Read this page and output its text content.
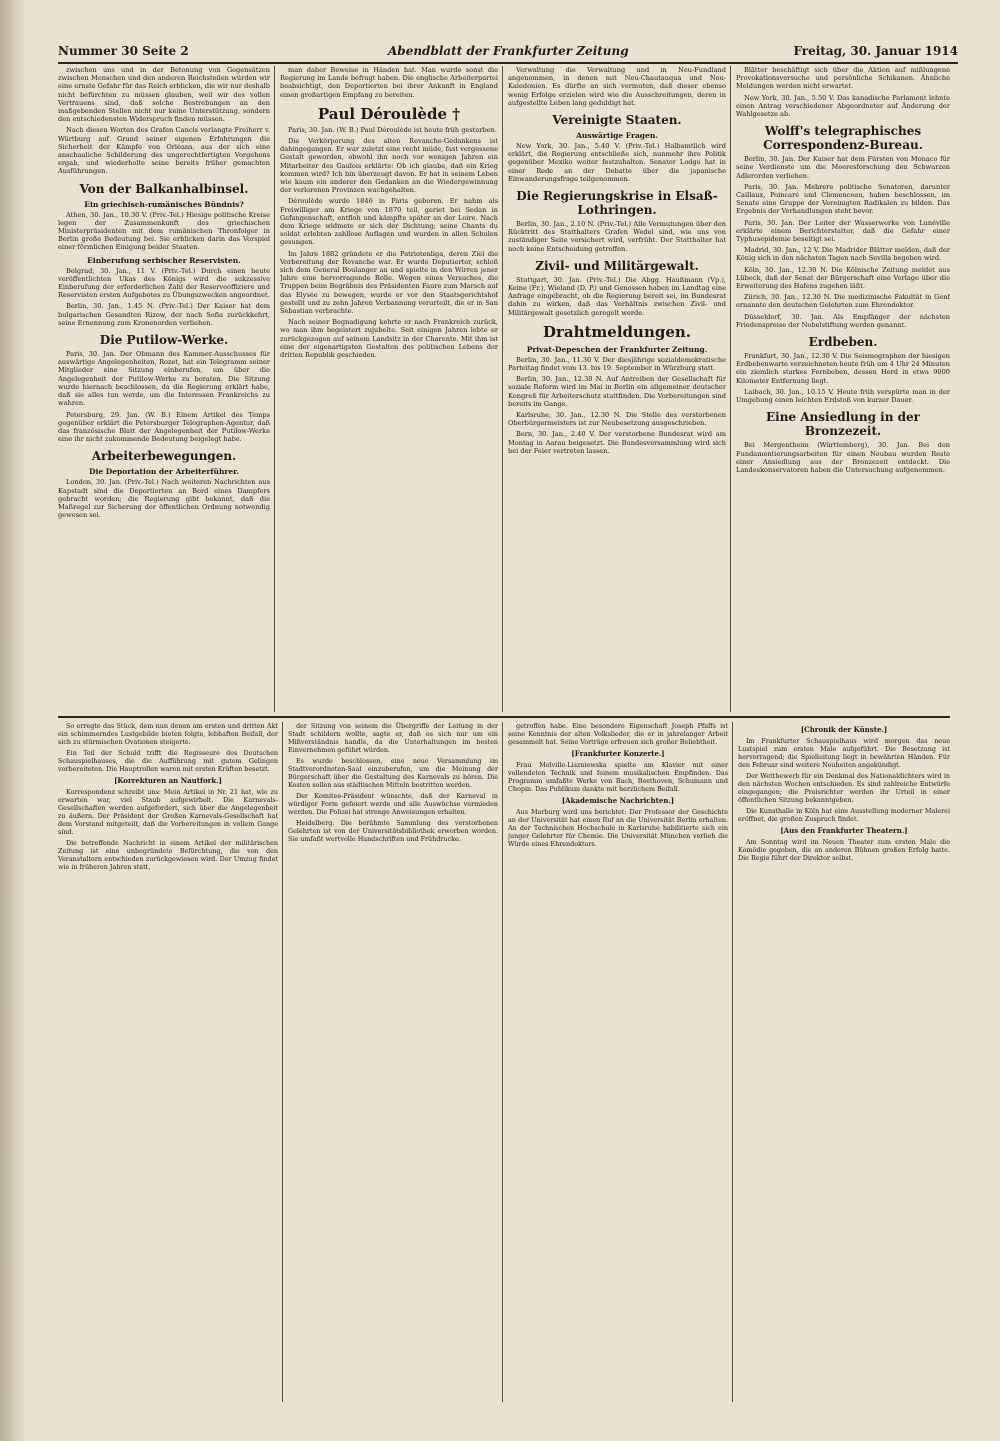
Nummer 30 Seite 2	Abendblatt der Frankfurter Zeitung	Freitag, 30. Januar 1914

zwischen uns und in der Betonung von Gegensätzen zwischen Menschen und den anderen Reichsteilen würden wir eine ernste Gefahr für das Reich erblicken, die wir nur deshalb nicht befürchten zu müssen glauben, weil wir des vollen Vertrauens sind, daß solche Bestrebungen an den maßgebenden Stellen nicht nur keine Unterstützung, sondern den entschiedensten Widerspruch finden müssen.

Nach diesen Worten des Grafen Cancis verlangte Freiherr v. Würtburg auf Grund seiner eigenen Erfahrungen die Sicherheit der Kämpfe von Orléans, aus der sich eine anschauliche Schilderung des ungerechtfertigten Vorgehens ergab, und wiederholte seine bereits früher gemachten Ausführungen.

Von der Balkanhalbinsel.
Ein griechisch-rumänisches Bündnis?

Athen, 30. Jan., 10.30 V. (Priv.-Tel.) Hiesige politische Kreise legen der Zusammenkunft des griechischen Ministerpräsidenten mit dem rumänischen Thronfolger in Berlin große Bedeutung bei. Sie erblicken darin das Vorspiel einer förmlichen Einigung beider Staaten.

Einberufung serbischer Reservisten.

Belgrad, 30. Jan., 11 V. (Priv.-Tel.) Durch einen heute veröffentlichten Ukas des Königs wird die sukzessive Einberufung der erforderlichen Zahl der Reserveoffiziere und Reservisten ersten Aufgebotes zu Übungszwecken angeordnet.

Berlin, 30. Jan., 1.45 N. (Priv.-Tel.) Der Kaiser hat dem bulgarischen Gesandten Rizow, der nach Sofia zurückkehrt, seine Ernennung zum Kronenorden verliehen.

Die Putilow-Werke.

Paris, 30. Jan. Der Obmann des Kammer-Ausschusses für auswärtige Angelegenheiten, Rozet, hat ein Telegramm seiner Mitglieder eine Sitzung einberufen, um über die Angelegenheit der Putilow-Werke zu beraten. Die Sitzung wurde hiernach beschlossen, da die Regierung erklärt habe, daß sie alles tun werde, um die Interessen Frankreichs zu wahren.

Petersburg, 29. Jan. (W. B.) Einem Artikel des Temps gegenüber erklärt die Petersburger Telegraphen-Agentur, daß das französische Blatt der Angelegenheit der Putilow-Werke eine ihr nicht zukommende Bedeutung beigelegt habe.

Arbeiterbewegungen.
Die Deportation der Arbeiterführer.

London, 30. Jan. (Priv.-Tel.) Nach weiteren Nachrichten aus Kapstadt sind die Deportierten an Bord eines Dampfers gebracht worden; die Regierung gibt bekannt, daß die Maßregel zur Sicherung der öffentlichen Ordnung notwendig gewesen sei.

man daher Beweise in Händen hat. Man wurde sonst die Regierung im Lande befragt haben. Die englische Arbeiterpartei beabsichtigt, den Deportierten bei ihrer Ankunft in England einen großartigen Empfang zu bereiten.

Paul Déroulède †

Paris, 30. Jan. (W. B.) Paul Déroulède ist heute früh gestorben.

Die Verkörperung des alten Revanche-Gedankens ist dahingegangen. Er war zuletzt eine recht müde, fast vergessene Gestalt geworden, obwohl ihn noch vor wenigen Jahren ein Mitarbeiter des Gaulois erklärte: Ob ich glaube, daß ein Krieg kommen wird? Ich bin überzeugt davon. Er hat in seinem Leben wie kaum ein anderer den Gedanken an die Wiedergewinnung der verlorenen Provinzen wachgehalten.

Déroulède wurde 1846 in Paris geboren. Er nahm als Freiwilliger am Kriege von 1870 teil, geriet bei Sedan in Gefangenschaft, entfloh und kämpfte später an der Loire. Nach dem Kriege widmete er sich der Dichtung; seine Chants du soldat erlebten zahllose Auflagen und wurden in allen Schulen gesungen.

Im Jahre 1882 gründete er die Patriotenliga, deren Ziel die Vorbereitung der Revanche war. Er wurde Deputierter, schloß sich dem General Boulanger an und spielte in den Wirren jener Jahre eine hervorragende Rolle. Wegen eines Versuches, die Truppen beim Begräbnis des Präsidenten Faure zum Marsch auf das Elysée zu bewegen, wurde er vor den Staatsgerichtshof gestellt und zu zehn Jahren Verbannung verurteilt, die er in San Sebastian verbrachte.

Nach seiner Begnadigung kehrte er nach Frankreich zurück, wo man ihm begeistert zujubelte. Seit einigen Jahren lebte er zurückgezogen auf seinem Landsitz in der Charente. Mit ihm ist eine der eigenartigsten Gestalten des politischen Lebens der dritten Republik geschieden.

Verwaltung die Verwaltung und in Neu-Fundland angenommen, in denen mit Neu-Chautauqua und Neu-Kaledonien. Es dürfte an sich vermuten, daß dieser ebenso wenig Erfolge erzielen wird wie die Ausschreitungen, deren in aufgestellte Leben lang geduldigt hat.

Vereinigte Staaten.
Auswärtige Fragen.

New York, 30. Jan., 5.40 V. (Priv.-Tel.) Halbamtlich wird erklärt, die Regierung entschließe sich, nunmehr ihre Politik gegenüber Mexiko weiter festzuhalten. Senator Lodge hat in einer Rede an der Debatte über die japanische Einwanderungsfrage teilgenommen.

Die Regierungskrise in Elsaß-Lothringen.

Berlin, 30. Jan., 2.10 N. (Priv.-Tel.) Alle Vermutungen über den Rücktritt des Statthalters Grafen Wedel sind, wie uns von zuständiger Seite versichert wird, verfrüht. Der Statthalter hat noch keine Entscheidung getroffen.

Zivil- und Militärgewalt.

Stuttgart, 30. Jan. (Priv.-Tel.) Die Abgg. Haußmann (Vp.), Keine (Fr.), Wieland (D. P.) und Genossen haben im Landtag eine Anfrage eingebracht, ob die Regierung bereit sei, im Bundesrat dahin zu wirken, daß das Verhältnis zwischen Zivil- und Militärgewalt gesetzlich geregelt werde.

Drahtmeldungen.
Privat-Depeschen der Frankfurter Zeitung.

Berlin, 30. Jan., 11.30 V. Der diesjährige sozialdemokratische Parteitag findet vom 13. bis 19. September in Würzburg statt.

Berlin, 30. Jan., 12.30 N. Auf Antreiben der Gesellschaft für soziale Reform wird im Mai in Berlin ein allgemeiner deutscher Kongreß für Arbeiterschutz stattfinden. Die Vorbereitungen sind bereits im Gange.

Karlsruhe, 30. Jan., 12.30 N. Die Stelle des verstorbenen Oberbürgermeisters ist zur Neubesetzung ausgeschrieben.

Bern, 30. Jan., 2.40 V. Der verstorbene Bundesrat wird am Montag in Aarau beigesetzt. Die Bundesversammlung wird sich bei der Feier vertreten lassen.

Blätter beschäftigt sich über die Aktion auf mißlungene Provokationsversuche und persönliche Schikanen. Ähnliche Meldungen werden nicht erwartet.

New York, 30. Jan., 5.50 V. Das kanadische Parlament lehnte einen Antrag verschiedener Abgeordneter auf Änderung der Wahlgesetze ab.

Wolff's telegraphisches Correspondenz-Bureau.

Berlin, 30. Jan. Der Kaiser hat dem Fürsten von Monaco für seine Verdienste um die Meeresforschung den Schwarzen Adlerorden verliehen.

Paris, 30. Jan. Mehrere politische Senatoren, darunter Caillaux, Poincaré und Clemenceau, haben beschlossen, im Senate eine Gruppe der Vereinigten Radikalen zu bilden. Das Ergebnis der Verhandlungen steht bevor.

Paris, 30. Jan. Der Leiter der Wasserwerke von Lunéville erklärte einem Berichterstatter, daß die Gefahr einer Typhusepidemie beseitigt sei.

Madrid, 30. Jan., 12 V. Die Madrider Blätter melden, daß der König sich in den nächsten Tagen nach Sevilla begeben wird.

Köln, 30. Jan., 12.30 N. Die Kölnische Zeitung meldet aus Lübeck, daß der Senat der Bürgerschaft eine Vorlage über die Erweiterung des Hafens zugehen läßt.

Zürich, 30. Jan., 12.30 N. Die medizinische Fakultät in Genf ernannte den deutschen Gelehrten zum Ehrendoktor.

Düsseldorf, 30. Jan. Als Empfänger der nächsten Friedenspreise der Nobelstiftung werden genannt.

Erdbeben.

Frankfurt, 30. Jan., 12.30 V. Die Seismographen der hiesigen Erdbebenwarte verzeichneten heute früh um 4 Uhr 24 Minuten ein ziemlich starkes Fernbeben, dessen Herd in etwa 9000 Kilometer Entfernung liegt.

Laibach, 30. Jan., 10.15 V. Heute früh verspürte man in der Umgebung einen leichten Erdstoß von kurzer Dauer.

Eine Ansiedlung in der Bronzezeit.

Bei Mergentheim (Württemberg), 30. Jan. Bei den Fundamentierungsarbeiten für einen Neubau wurden Reste einer Ansiedlung aus der Bronzezeit entdeckt. Die Landeskonservatoren haben die Untersuchung aufgenommen.

So erregte das Stück, dem nun denen am ersten und dritten Akt ein schimmerndes Lustgebilde bieten folgte, lebhaften Beifall, der sich zu stürmischen Ovationen steigerte.

Ein Teil der Schuld trifft die Regisseure des Deutschen Schauspielhauses, die die Aufführung mit gutem Gelingen vorbereiteten. Die Hauptrollen waren mit ersten Kräften besetzt.

[Korrekturen an Nautfork.]

Korrespondenz schreibt uns: Mein Artikel in Nr. 21 hat, wie zu erwarten war, viel Staub aufgewirbelt. Die Karnevals-Gesellschaften werden aufgefordert, sich über die Angelegenheit zu äußern. Der Präsident der Großen Karnevals-Gesellschaft hat dem Vorstand mitgeteilt, daß die Vorbereitungen in vollem Gange sind.

Die betreffende Nachricht in einem Artikel der militärischen Zeitung ist eine unbegründete Befürchtung, die von den Veranstaltern entschieden zurückgewiesen wird. Der Umzug findet wie in früheren Jahren statt.

der Sitzung von seinem die Übergriffe der Leitung in der Stadt schildern wollte, sagte er, daß es sich nur um ein Mißverständnis handle, da die Unterhaltungen im besten Einvernehmen geführt würden.

Es wurde beschlossen, eine neue Versammlung im Stadtverordneten-Saal einzuberufen, um die Meinung der Bürgerschaft über die Gestaltung des Karnevals zu hören. Die Kosten sollen aus städtischen Mitteln bestritten werden.

Der Komitee-Präsident wünschte, daß der Karneval in würdiger Form gefeiert werde und alle Auswüchse vermieden werden. Die Polizei hat strenge Anweisungen erhalten.

Heidelberg. Die berühmte Sammlung des verstorbenen Gelehrten ist von der Universitätsbibliothek erworben worden. Sie umfaßt wertvolle Handschriften und Frühdrucke.

getroffen habe. Eine besondere Eigenschaft Joseph Pfaffs ist seine Kenntnis der alten Volkslieder, die er in jahrelanger Arbeit gesammelt hat. Seine Vorträge erfreuen sich großer Beliebtheit.

[Frankfurter Konzerte.]

Frau Melville-Liszniewska spielte am Klavier mit einer vollendeten Technik und feinem musikalischen Empfinden. Das Programm umfaßte Werke von Bach, Beethoven, Schumann und Chopin. Das Publikum dankte mit herzlichem Beifall.

[Akademische Nachrichten.]

Aus Marburg wird uns berichtet: Der Professor der Geschichte an der Universität hat einen Ruf an die Universität Berlin erhalten. An der Technischen Hochschule in Karlsruhe habilitierte sich ein junger Gelehrter für Chemie. Die Universität München verlieh die Würde eines Ehrendoktors.

[Chronik der Künste.]

Im Frankfurter Schauspielhaus wird morgen das neue Lustspiel zum ersten Male aufgeführt. Die Besetzung ist hervorragend; die Spielleitung liegt in bewährten Händen. Für den Februar sind weitere Neuheiten angekündigt.

Der Wettbewerb für ein Denkmal des Nationaldichters wird in den nächsten Wochen entschieden. Es sind zahlreiche Entwürfe eingegangen; die Preisrichter werden ihr Urteil in einer öffentlichen Sitzung bekanntgeben.

Die Kunsthalle in Köln hat eine Ausstellung moderner Malerei eröffnet, die großen Zuspruch findet.

[Aus den Frankfurter Theatern.]

Am Sonntag wird im Neuen Theater zum ersten Male die Komödie gegeben, die an anderen Bühnen großen Erfolg hatte. Die Regie führt der Direktor selbst.
